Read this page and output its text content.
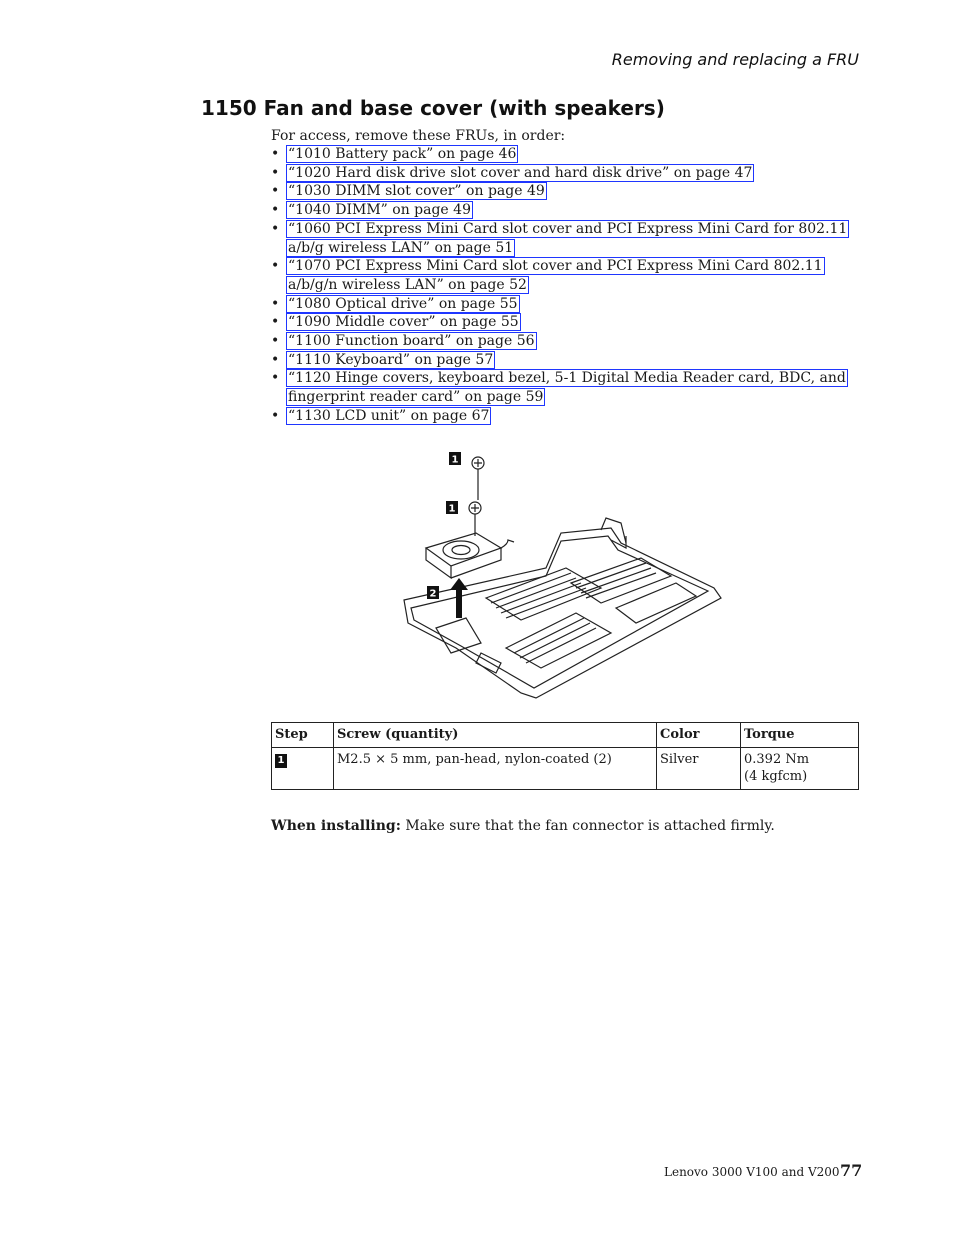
Removing and replacing a FRU
1150 Fan and base cover (with speakers)
For access, remove these FRUs, in order:
• “1010 Battery pack” on page 46
• “1020 Hard disk drive slot cover and hard disk drive” on page 47
• “1030 DIMM slot cover” on page 49
• “1040 DIMM” on page 49
• “1060 PCI Express Mini Card slot cover and PCI Express Mini Card for 802.11
a/b/g wireless LAN” on page 51
• “1070 PCI Express Mini Card slot cover and PCI Express Mini Card 802.11
a/b/g/n wireless LAN” on page 52
• “1080 Optical drive” on page 55
• “1090 Middle cover” on page 55
• “1100 Function board” on page 56
• “1110 Keyboard” on page 57
• “1120 Hinge covers, keyboard bezel, 5-1 Digital Media Reader card, BDC, and
fingerprint reader card” on page 59
• “1130 LCD unit” on page 67
1
1
2
Step	Screw (quantity)	Color	Torque
1	M2.5 × 5 mm, pan-head, nylon-coated (2)	Silver	0.392 Nm
(4 kgfcm)
When installing: Make sure that the fan connector is attached firmly.
Lenovo 3000 V100 and V200 77
